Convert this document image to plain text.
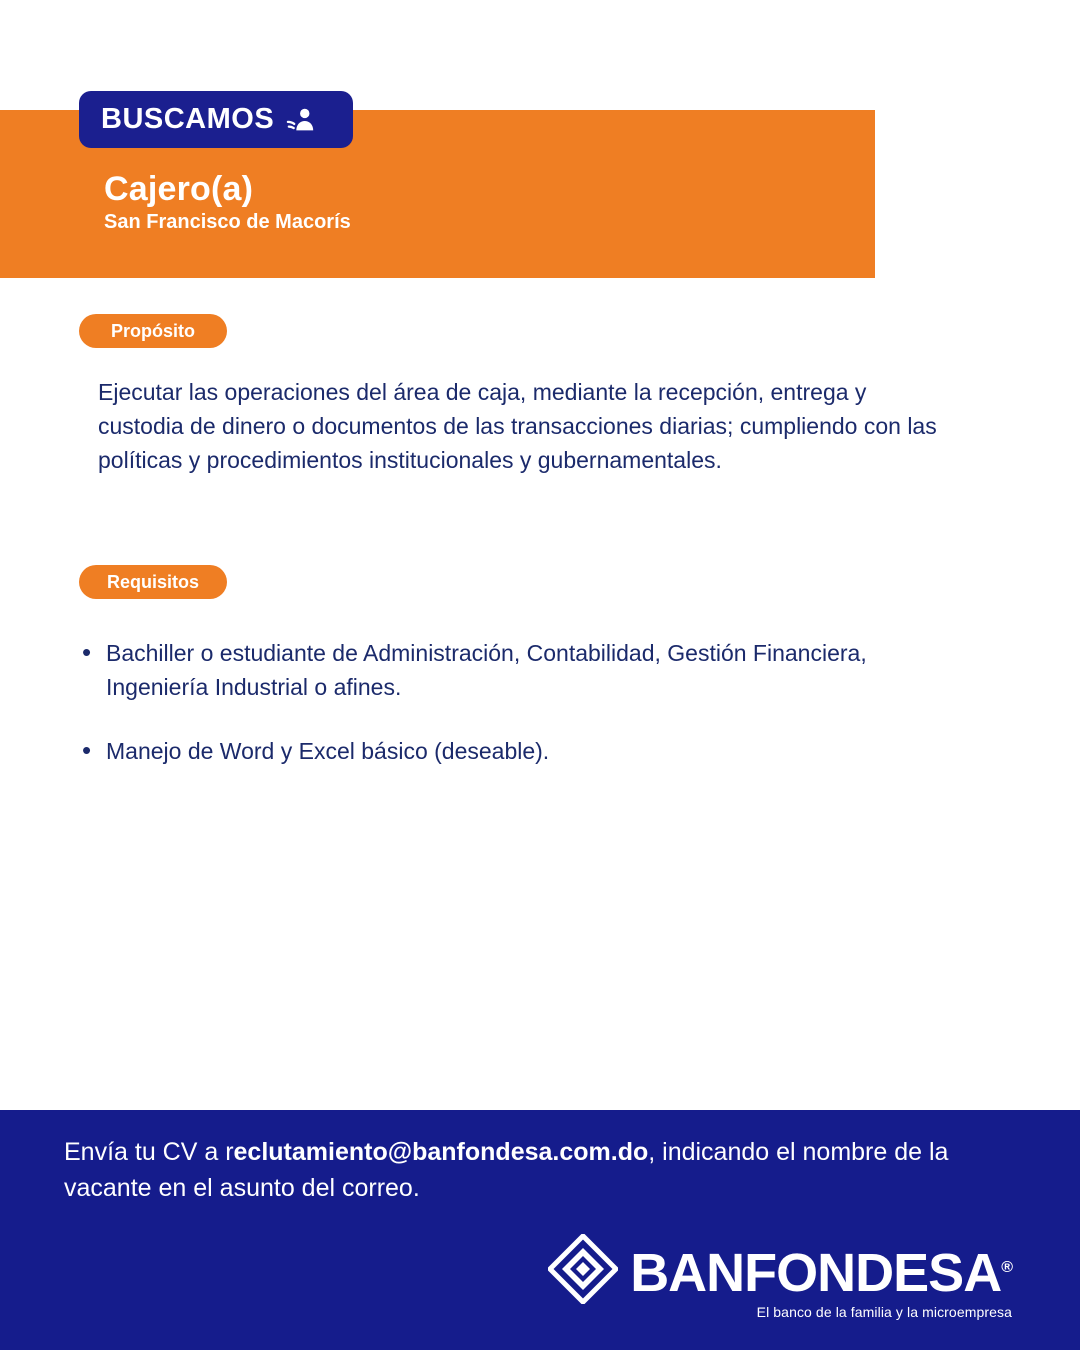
BUSCAMOS
Cajero(a)
San Francisco de Macorís
Propósito
Ejecutar las operaciones del área de caja, mediante la recepción, entrega y custodia de dinero o documentos de las transacciones diarias; cumpliendo con las políticas y procedimientos institucionales y gubernamentales.
Requisitos
• Bachiller o estudiante de Administración, Contabilidad, Gestión Financiera, Ingeniería Industrial o afines.
• Manejo de Word y Excel básico (deseable).
Envía tu CV a reclutamiento@banfondesa.com.do, indicando el nombre de la vacante en el asunto del correo.
BANFONDESA®
El banco de la familia y la microempresa
